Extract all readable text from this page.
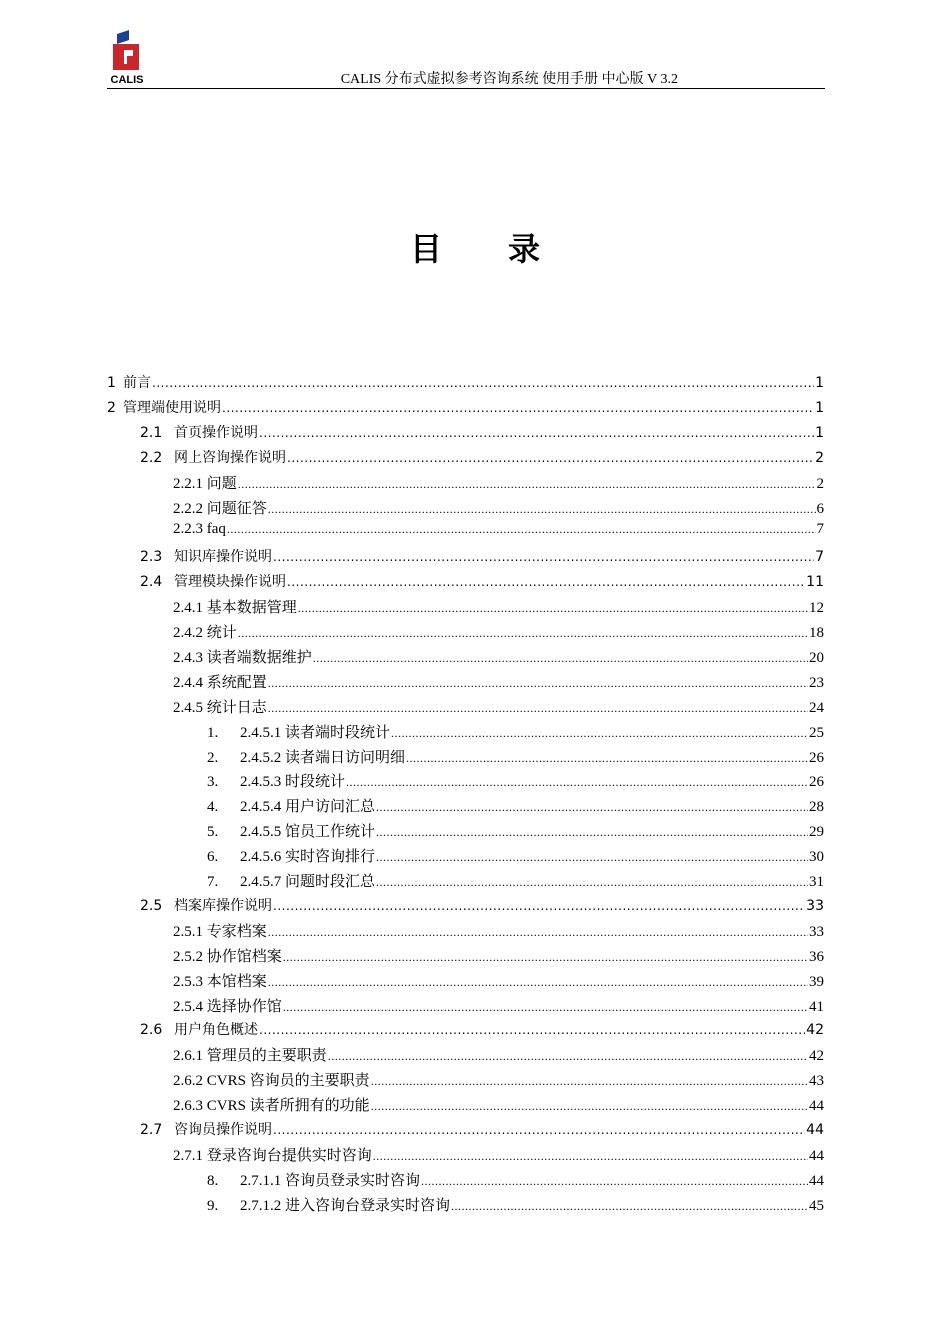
CALIS	CALIS 分布式虚拟参考咨询系统 使用手册 中心版 V 3.2
目 录
1 前言 .....	1
2 管理端使用说明 .....	1
2.1 首页操作说明 .....	1
2.2 网上咨询操作说明 .....	2
2.2.1 问题 .....	2
2.2.2 问题征答 .....	6
2.2.3 faq .....	7
2.3 知识库操作说明 .....	7
2.4 管理模块操作说明 .....	11
2.4.1 基本数据管理 .....	12
2.4.2 统计 .....	18
2.4.3 读者端数据维护 .....	20
2.4.4 系统配置 .....	23
2.4.5 统计日志 .....	24
1.	2.4.5.1 读者端时段统计 .....	25
2.	2.4.5.2 读者端日访问明细 .....	26
3.	2.4.5.3 时段统计 .....	26
4.	2.4.5.4 用户访问汇总 .....	28
5.	2.4.5.5 馆员工作统计 .....	29
6.	2.4.5.6 实时咨询排行 .....	30
7.	2.4.5.7 问题时段汇总 .....	31
2.5 档案库操作说明 .....	33
2.5.1 专家档案 .....	33
2.5.2 协作馆档案 .....	36
2.5.3 本馆档案 .....	39
2.5.4 选择协作馆 .....	41
2.6 用户角色概述 .....	42
2.6.1 管理员的主要职责 .....	42
2.6.2 CVRS 咨询员的主要职责 .....	43
2.6.3 CVRS 读者所拥有的功能 .....	44
2.7 咨询员操作说明 .....	44
2.7.1 登录咨询台提供实时咨询 .....	44
8.	2.7.1.1 咨询员登录实时咨询 .....	44
9.	2.7.1.2 进入咨询台登录实时咨询 .....	45
